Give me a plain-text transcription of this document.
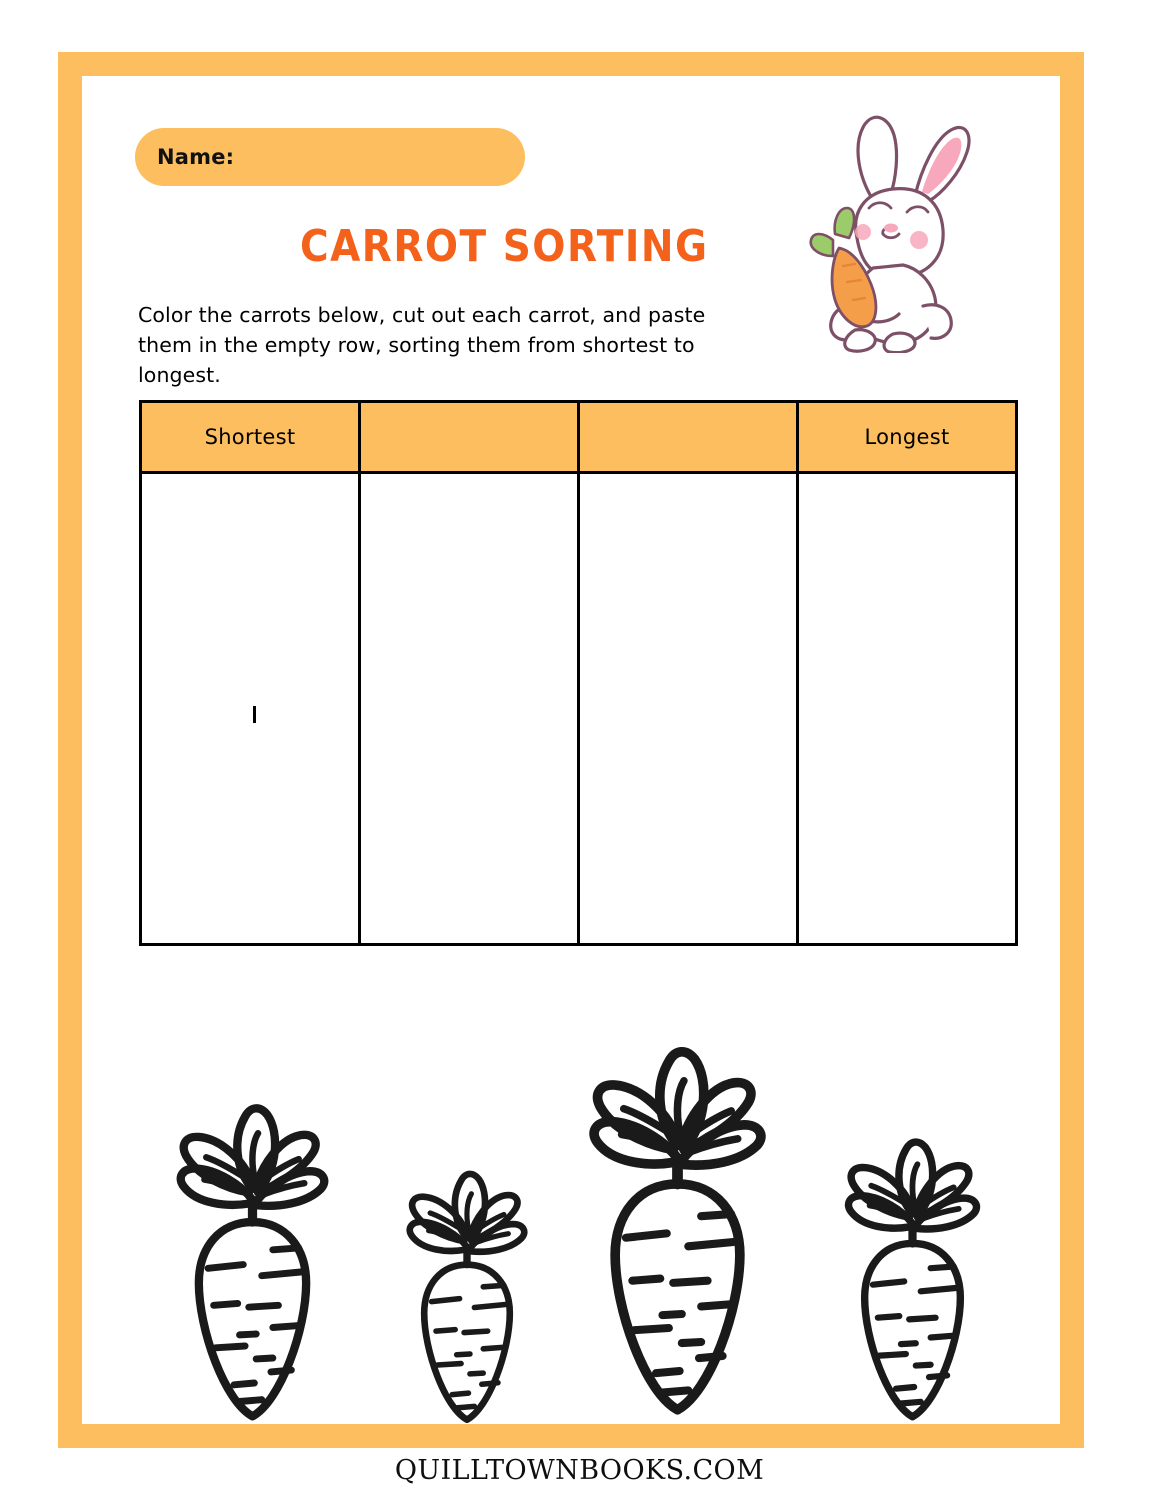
Name:
CARROT SORTING
Color the carrots below, cut out each carrot, and paste them in the empty row, sorting them from shortest to longest.
Shortest	Longest
QUILLTOWNBOOKS.COM
